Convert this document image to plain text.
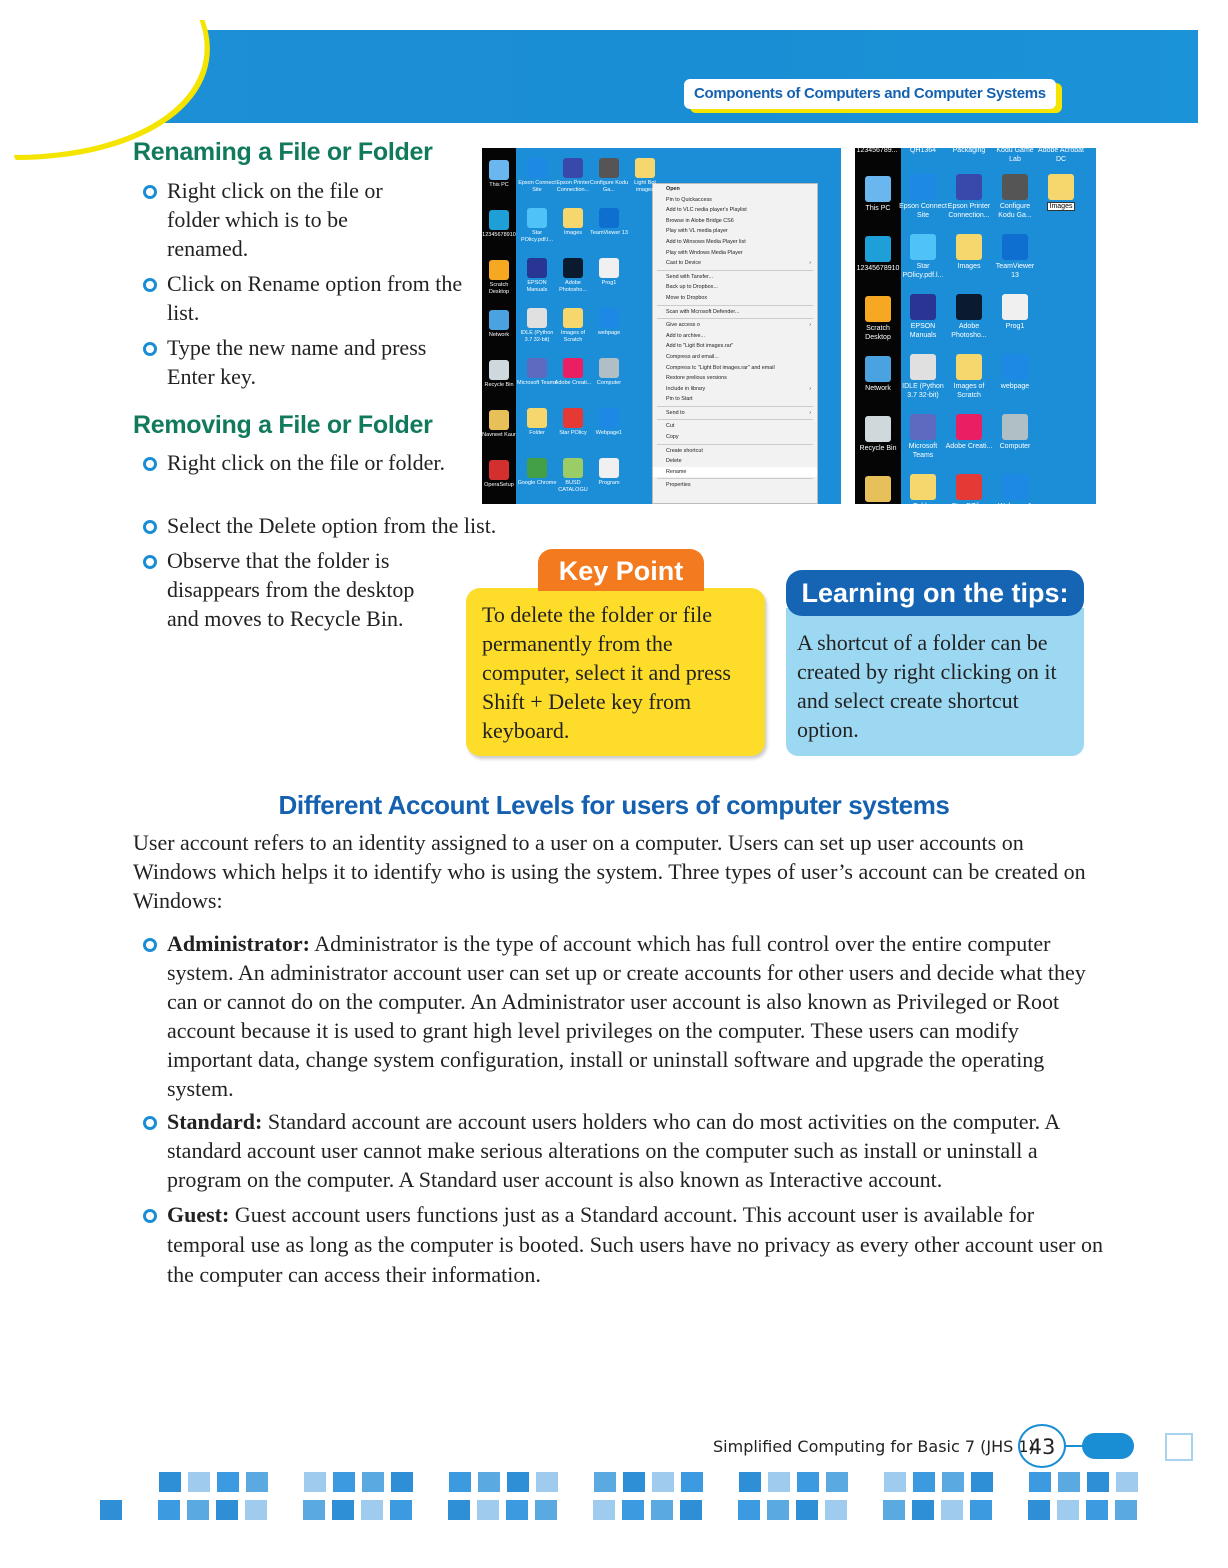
Components of Computers and Computer Systems
Renaming a File or Folder
Right click on the file or folder which is to be renamed.
Click on Rename option from the list.
Type the new name and press Enter key.
Removing a File or Folder
Right click on the file or folder.
Select the Delete option from the list.
Observe that the folder is disappears from the desktop and moves to Recycle Bin.
Open
Pin to Quickaccess
Add to VLC nedia player's Playlist
Browse in Alobe Bridge CS6
Play with VL media player
Add to Winsows Media Player list
Play with Wndows Media Player
Cast to Device	›
Send with Tansfer...
Back up to Dropbox...
Move to Dropbox
Scan with Mcrosoft Defender...
Give access o	›
Add to archive...
Add to "Ligit Bot images.rar"
Compress ard email...
Compress tc "Light Bot images.rar" and email
Restore prelious versions
Include in library	›
Pin to Start
Send to	›
Cut
Copy
Create shortcut
Delete
Rename
Properties
This PC
12345678910
Scratch Desktop
Network
Recycle Bin
Navneet Kaur
OperaSetup
Epson Connect Site
Epson Printer Connection...
Configure Kodu Ga...
Light Bot images
Star POlicy.pdf.l...
Images	TeamViewer 13
EPSON Manuals
Adobe Photosho...
Prog1
IDLE (Python 3.7 32-bit)
Images of Scratch
webpage
Microsoft Teams
Adobe Creati...	Computer
Folder	Star POlicy	Webpage1
Google Chrome	BUSD CATALOGU
Program
This PC
12345678910
Scratch Desktop
Network
Recycle Bin
Navneet Kaur
Epson Connect Site
Epson Printer Connection...
Configure Kodu Ga...
Images
Star POlicy.pdf.l...
Images	TeamViewer 13
EPSON Manuals
Adobe Photosho...
Prog1
IDLE (Python 3.7 32-bit)
Images of Scratch
webpage
Microsoft Teams
Adobe Creati...	Computer
Folder	Star POlicy	Webpage1
12345678​9...	QH1364	Packaging	Kodu Game Lab
Adobe Acrobat DC

To delete the folder or file permanently from the computer, select it and press Shift + Delete key from keyboard.

Key Point
Learning on the tips:

A shortcut of a folder can be created by right clicking on it and select create shortcut option.

Different Account Levels for users of computer systems

User account refers to an identity assigned to a user on a computer. Users can set up user accounts on Windows which helps it to identify who is using the system. Three types of user’s account can be created on Windows:

Administrator: Administrator is the type of account which has full control over the entire computer system. An administrator account user can set up or create accounts for other users and decide what they can or cannot do on the computer. An Administrator user account is also known as Privileged or Root account because it is used to grant high level privileges on the computer. These users can modify important data, change system configuration, install or uninstall software and upgrade the operating system.
Standard: Standard account are account users holders who can do most activities on the computer. A standard account user cannot make serious alterations on the computer such as install or uninstall a program on the computer. A Standard user account is also known as Interactive account.
Guest: Guest account users functions just as a Standard account. This account user is available for temporal use as long as the computer is booted. Such users have no privacy as every other account user on the computer can access their information.
Simplified Computing for Basic 7 (JHS 1)
43
